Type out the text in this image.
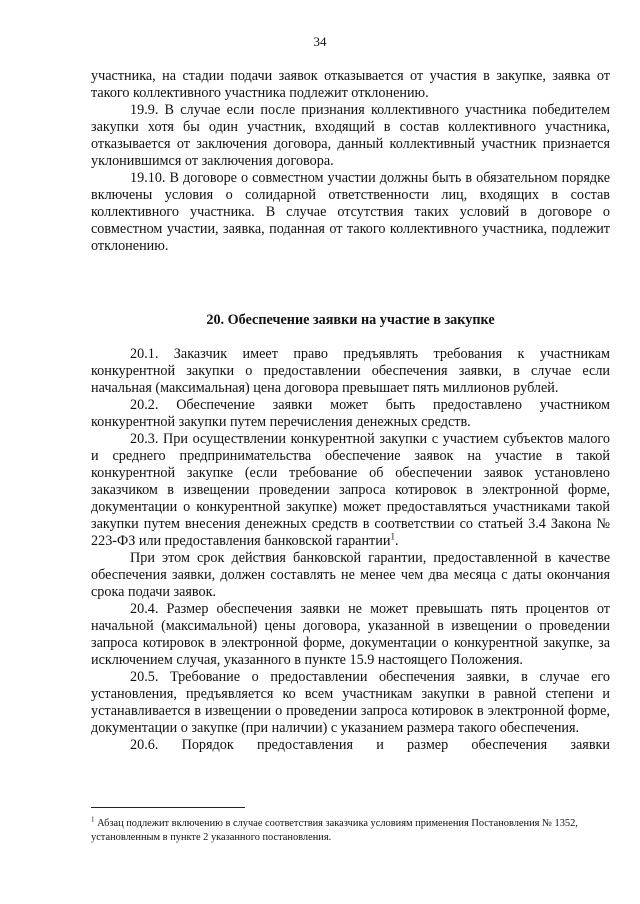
34

участника, на стадии подачи заявок отказывается от участия в закупке, заявка от такого коллективного участника подлежит отклонению.

19.9. В случае если после признания коллективного участника победителем закупки хотя бы один участник, входящий в состав коллективного участника, отказывается от заключения договора, данный коллективный участник признается уклонившимся от заключения договора.

19.10. В договоре о совместном участии должны быть в обязательном порядке включены условия о солидарной ответственности лиц, входящих в состав коллективного участника. В случае отсутствия таких условий в договоре о совместном участии, заявка, поданная от такого коллективного участника, подлежит отклонению.

20. Обеспечение заявки на участие в закупке

20.1. Заказчик имеет право предъявлять требования к участникам конкурентной закупки о предоставлении обеспечения заявки, в случае если начальная (максимальная) цена договора превышает пять миллионов рублей.

20.2. Обеспечение заявки может быть предоставлено участником конкурентной закупки путем перечисления денежных средств.

20.3. При осуществлении конкурентной закупки с участием субъектов малого и среднего предпринимательства обеспечение заявок на участие в такой конкурентной закупке (если требование об обеспечении заявок установлено заказчиком в извещении проведении запроса котировок в электронной форме, документации о конкурентной закупке) может предоставляться участниками такой закупки путем внесения денежных средств в соответствии со статьей 3.4 Закона № 223-ФЗ или предоставления банковской гарантии$^1$.

При этом срок действия банковской гарантии, предоставленной в качестве обеспечения заявки, должен составлять не менее чем два месяца с даты окончания срока подачи заявок.

20.4. Размер обеспечения заявки не может превышать пять процентов от начальной (максимальной) цены договора, указанной в извещении о проведении запроса котировок в электронной форме, документации о конкурентной закупке, за исключением случая, указанного в пункте 15.9 настоящего Положения.

20.5. Требование о предоставлении обеспечения заявки, в случае его установления, предъявляется ко всем участникам закупки в равной степени и устанавливается в извещении о проведении запроса котировок в электронной форме, документации о закупке (при наличии) с указанием размера такого обеспечения.

20.6. Порядок предоставления и размер обеспечения заявки

$^1$ Абзац подлежит включению в случае соответствия заказчика условиям применения Постановления № 1352, установленным в пункте 2 указанного постановления.
